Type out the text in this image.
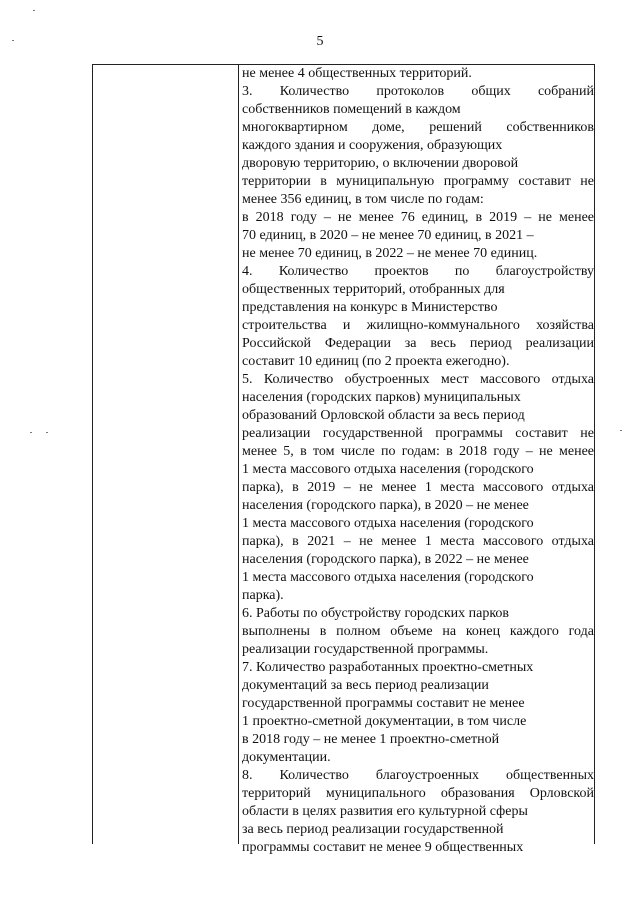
5
не менее 4 общественных территорий.
3. Количество протоколов общих собраний
собственников помещений в каждом
многоквартирном доме, решений собственников
каждого здания и сооружения, образующих
дворовую территорию, о включении дворовой
территории в муниципальную программу составит не
менее 356 единиц, в том числе по годам:
в 2018 году – не менее 76 единиц, в 2019 – не менее
70 единиц, в 2020 – не менее 70 единиц, в 2021 –
не менее 70 единиц, в 2022 – не менее 70 единиц.
4. Количество проектов по благоустройству
общественных территорий, отобранных для
представления на конкурс в Министерство
строительства и жилищно-коммунального хозяйства
Российской Федерации за весь период реализации
составит 10 единиц (по 2 проекта ежегодно).
5. Количество обустроенных мест массового отдыха
населения (городских парков) муниципальных
образований Орловской области за весь период
реализации государственной программы составит не
менее 5, в том числе по годам: в 2018 году – не менее
1 места массового отдыха населения (городского
парка), в 2019 – не менее 1 места массового отдыха
населения (городского парка), в 2020 – не менее
1 места массового отдыха населения (городского
парка), в 2021 – не менее 1 места массового отдыха
населения (городского парка), в 2022 – не менее
1 места массового отдыха населения (городского
парка).
6. Работы по обустройству городских парков
выполнены в полном объеме на конец каждого года
реализации государственной программы.
7. Количество разработанных проектно-сметных
документаций за весь период реализации
государственной программы составит не менее
1 проектно-сметной документации, в том числе
в 2018 году – не менее 1 проектно-сметной
документации.
8. Количество благоустроенных общественных
территорий муниципального образования Орловской
области в целях развития его культурной сферы
за весь период реализации государственной
программы составит не менее 9 общественных
